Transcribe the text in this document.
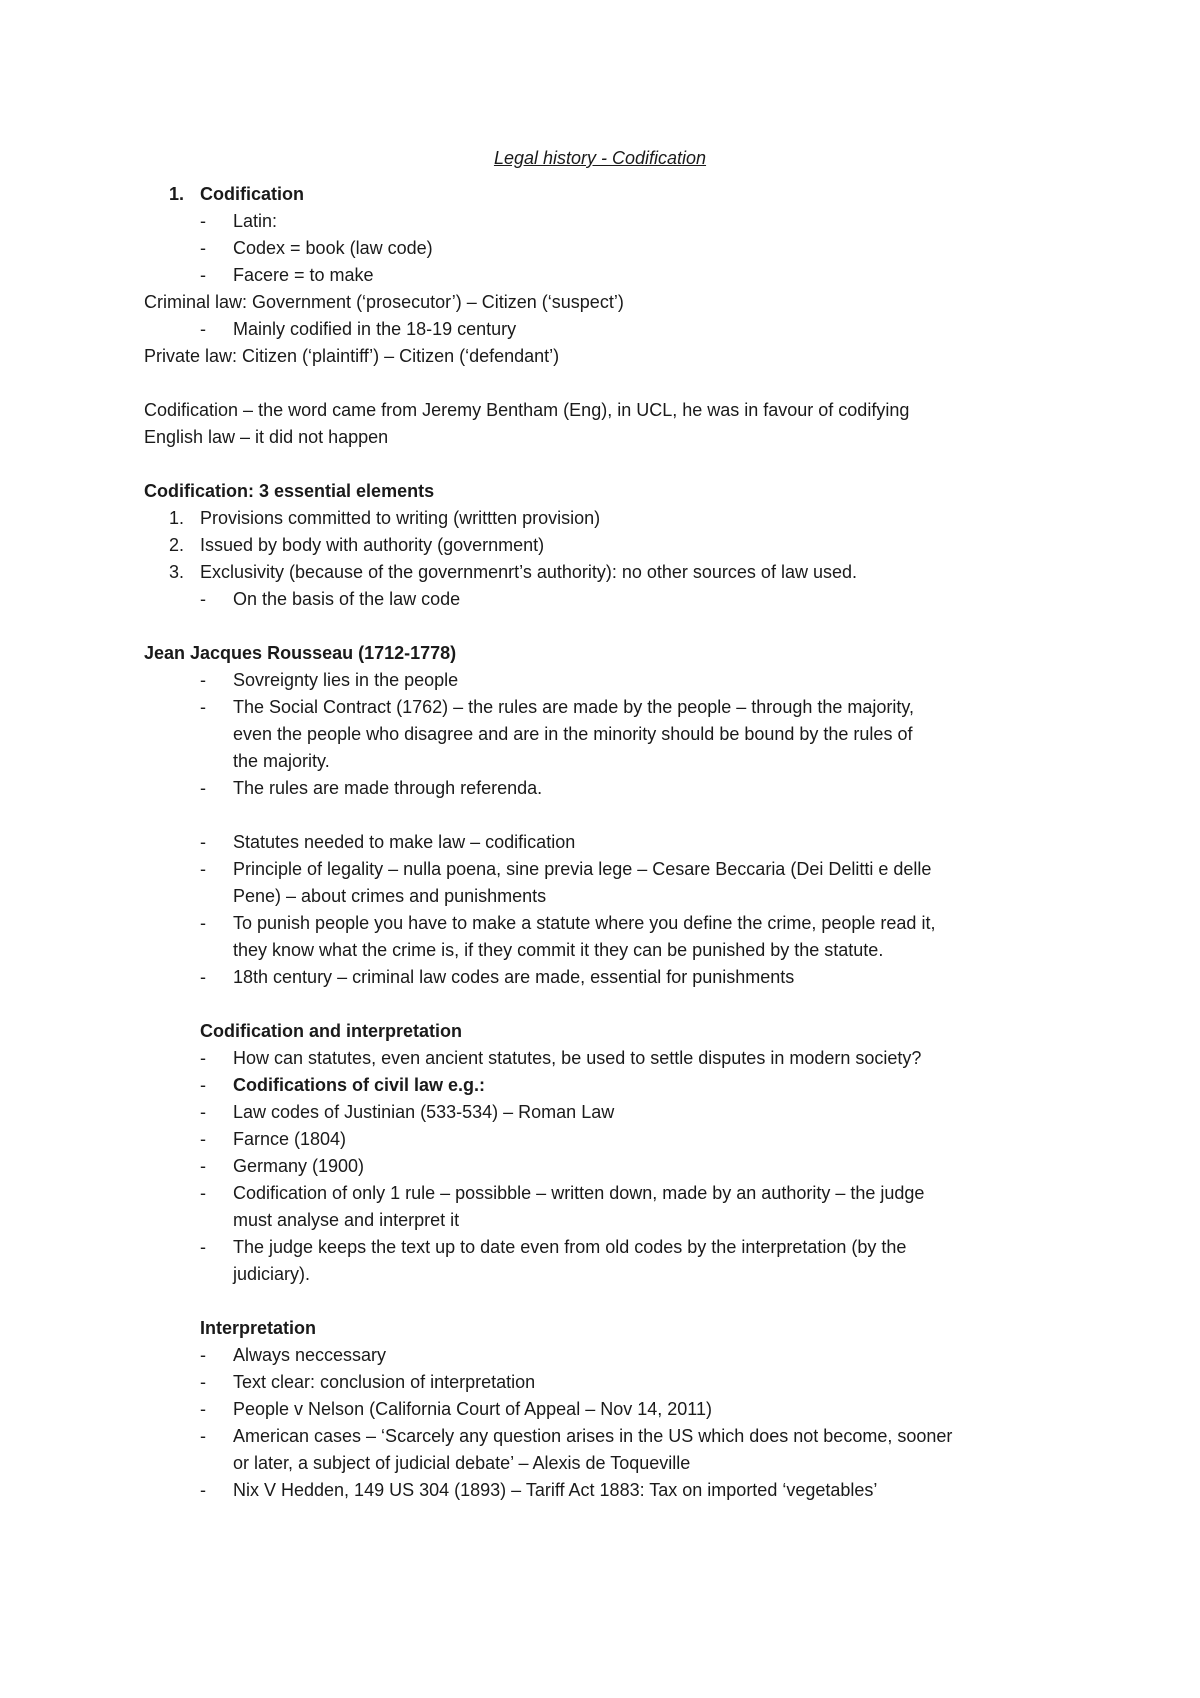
Legal history - Codification
1. Codification
- Latin:
- Codex = book (law code)
- Facere = to make
Criminal law: Government (‘prosecutor’) – Citizen (‘suspect’)
- Mainly codified in the 18-19 century
Private law: Citizen (‘plaintiff’) – Citizen (‘defendant’)
Codification – the word came from Jeremy Bentham (Eng), in UCL, he was in favour of codifying
English law – it did not happen
Codification: 3 essential elements
1. Provisions committed to writing (writtten provision)
2. Issued by body with authority (government)
3. Exclusivity (because of the governmenrt’s authority): no other sources of law used.
- On the basis of the law code
Jean Jacques Rousseau (1712-1778)
- Sovreignty lies in the people
- The Social Contract (1762) – the rules are made by the people – through the majority,
even the people who disagree and are in the minority should be bound by the rules of
the majority.
- The rules are made through referenda.
- Statutes needed to make law – codification
- Principle of legality – nulla poena, sine previa lege – Cesare Beccaria (Dei Delitti e delle
Pene) – about crimes and punishments
- To punish people you have to make a statute where you define the crime, people read it,
they know what the crime is, if they commit it they can be punished by the statute.
- 18th century – criminal law codes are made, essential for punishments
Codification and interpretation
- How can statutes, even ancient statutes, be used to settle disputes in modern society?
- Codifications of civil law e.g.:
- Law codes of Justinian (533-534) – Roman Law
- Farnce (1804)
- Germany (1900)
- Codification of only 1 rule – possibble – written down, made by an authority – the judge
must analyse and interpret it
- The judge keeps the text up to date even from old codes by the interpretation (by the
judiciary).
Interpretation
- Always neccessary
- Text clear: conclusion of interpretation
- People v Nelson (California Court of Appeal – Nov 14, 2011)
- American cases – ‘Scarcely any question arises in the US which does not become, sooner
or later, a subject of judicial debate’ – Alexis de Toqueville
- Nix V Hedden, 149 US 304 (1893) – Tariff Act 1883: Tax on imported ‘vegetables’
